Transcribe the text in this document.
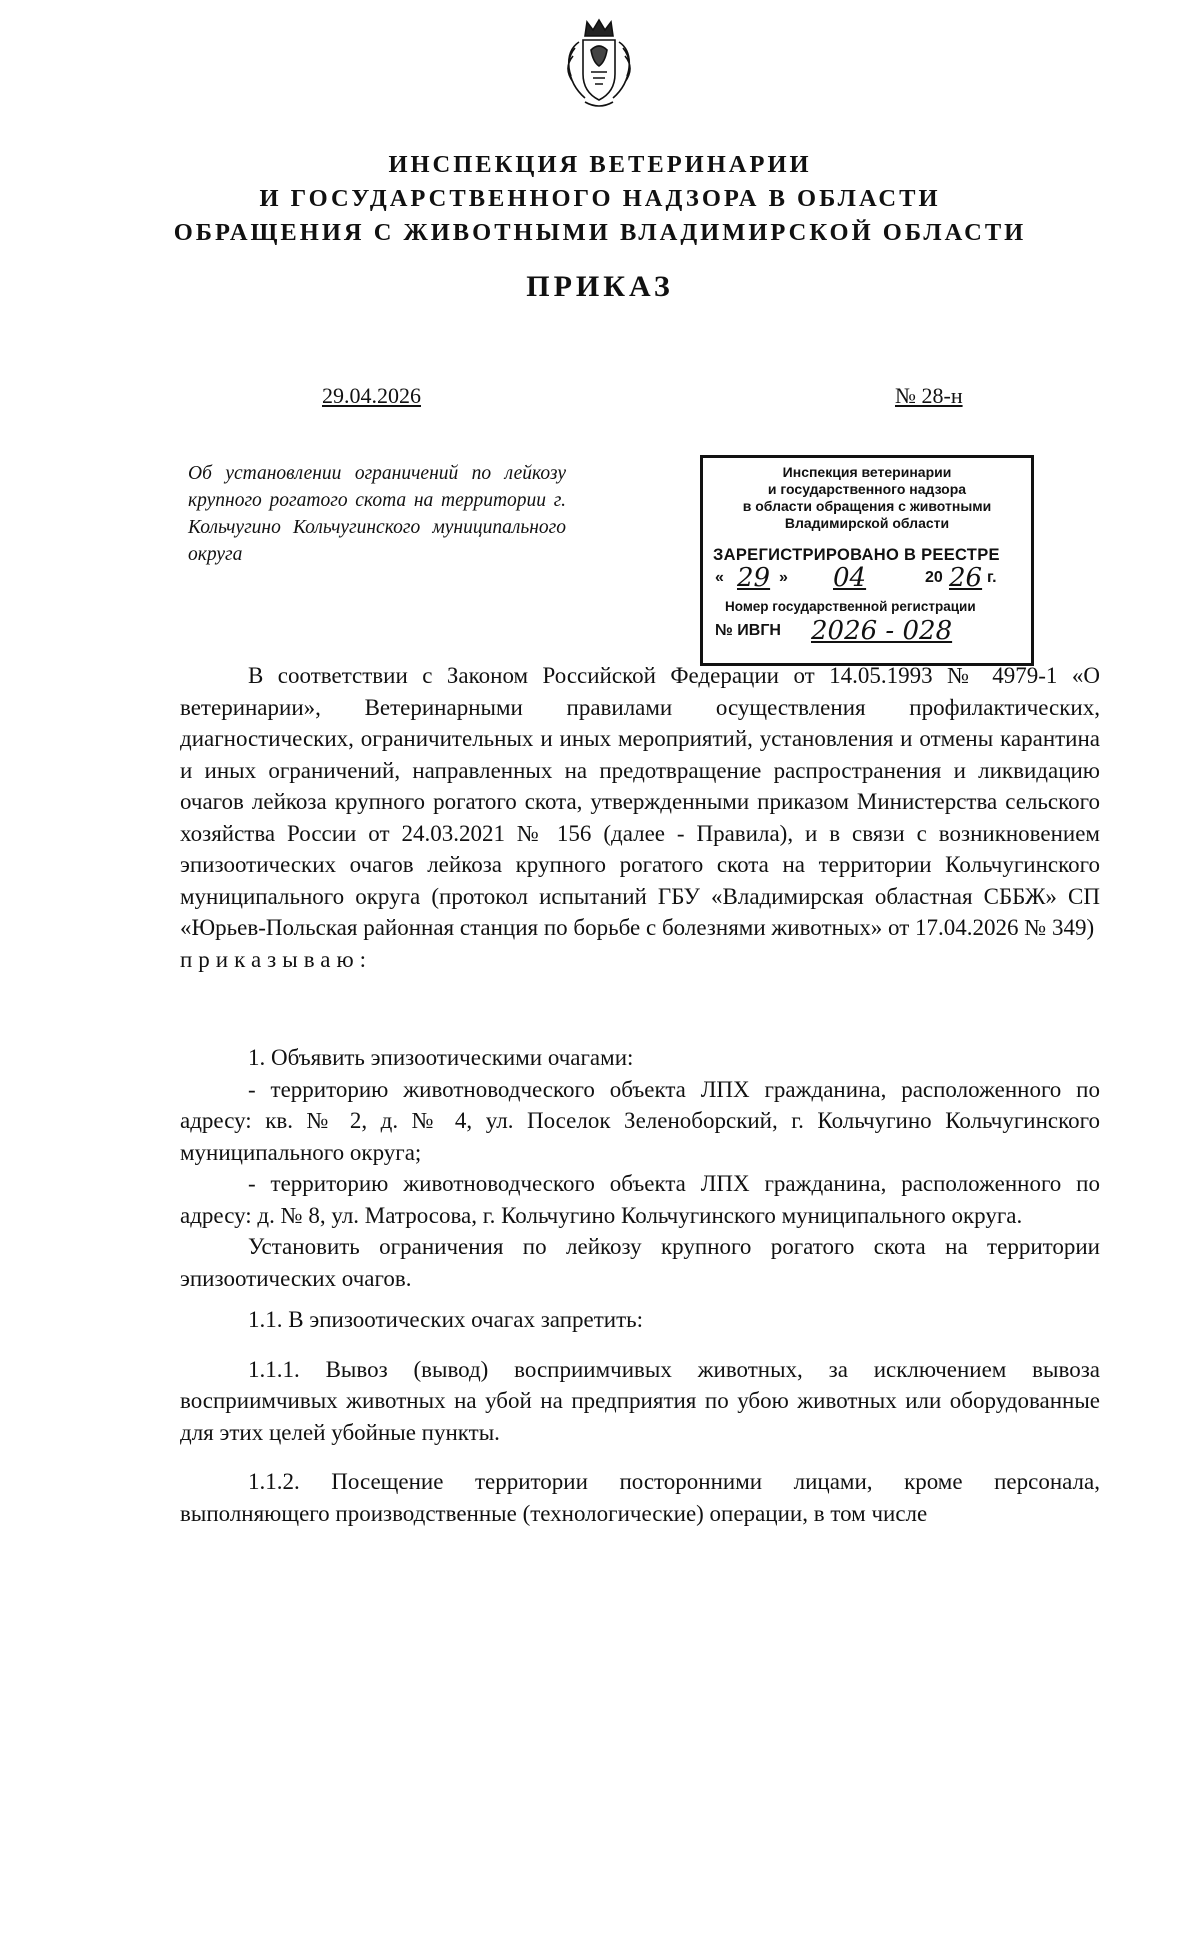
ИНСПЕКЦИЯ ВЕТЕРИНАРИИ
И ГОСУДАРСТВЕННОГО НАДЗОРА В ОБЛАСТИ
ОБРАЩЕНИЯ С ЖИВОТНЫМИ ВЛАДИМИРСКОЙ ОБЛАСТИ
ПРИКАЗ
29.04.2026	№ 28-н
Об установлении ограничений по лейкозу крупного рогатого скота на территории г. Кольчугино Кольчугинского муниципального округа
Инспекция ветеринарии
и государственного надзора
в области обращения с животными
Владимирской области
ЗАРЕГИСТРИРОВАНО В РЕЕСТРЕ
« 29 » 04	20 26 г.
Номер государственной регистрации
№ ИВГН 2026 - 028

В соответствии с Законом Российской Федерации от 14.05.1993 № 4979-1 «О ветеринарии», Ветеринарными правилами осуществления профилактических, диагностических, ограничительных и иных мероприятий, установления и отмены карантина и иных ограничений, направленных на предотвращение распространения и ликвидацию очагов лейкоза крупного рогатого скота, утвержденными приказом Министерства сельского хозяйства России от 24.03.2021 № 156 (далее - Правила), и в связи с возникновением эпизоотических очагов лейкоза крупного рогатого скота на территории Кольчугинского муниципального округа (протокол испытаний ГБУ «Владимирская областная СББЖ» СП «Юрьев-Польская районная станция по борьбе с болезнями животных» от 17.04.2026 № 349)

приказываю:

1. Объявить эпизоотическими очагами:

- территорию животноводческого объекта ЛПХ гражданина, расположенного по адресу: кв. № 2, д. № 4, ул. Поселок Зеленоборский, г. Кольчугино Кольчугинского муниципального округа;

- территорию животноводческого объекта ЛПХ гражданина, расположенного по адресу: д. № 8, ул. Матросова, г. Кольчугино Кольчугинского муниципального округа.

Установить ограничения по лейкозу крупного рогатого скота на территории эпизоотических очагов.

1.1. В эпизоотических очагах запретить:

1.1.1. Вывоз (вывод) восприимчивых животных, за исключением вывоза восприимчивых животных на убой на предприятия по убою животных или оборудованные для этих целей убойные пункты.

1.1.2. Посещение территории посторонними лицами, кроме персонала, выполняющего производственные (технологические) операции, в том числе
